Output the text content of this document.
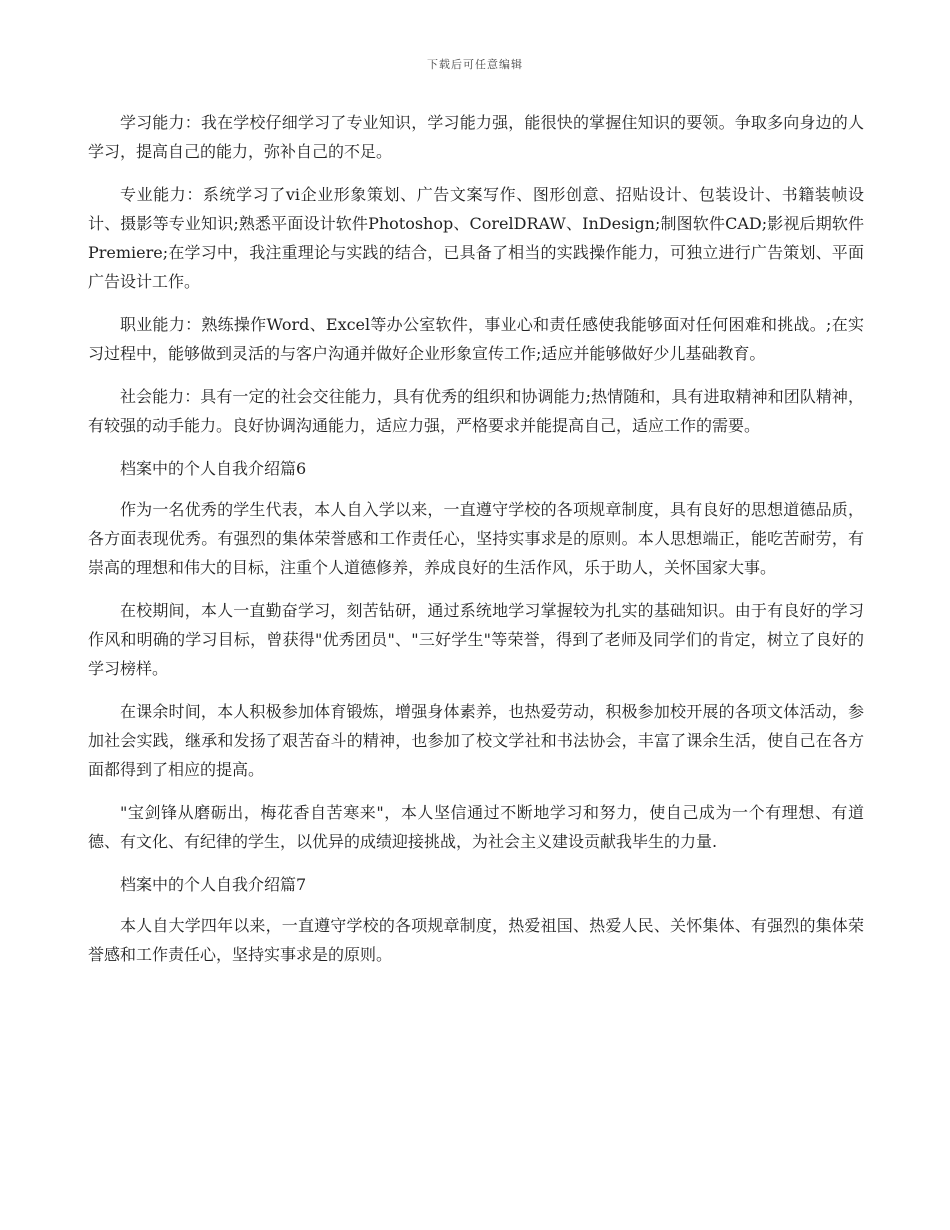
下载后可任意编辑

学习能力：我在学校仔细学习了专业知识，学习能力强，能很快的掌握住知识的要领。争取多向身边的人学习，提高自己的能力，弥补自己的不足。

专业能力：系统学习了vi企业形象策划、广告文案写作、图形创意、招贴设计、包装设计、书籍装帧设计、摄影等专业知识;熟悉平面设计软件Photoshop、CorelDRAW、InDesign;制图软件CAD;影视后期软件Premiere;在学习中，我注重理论与实践的结合，已具备了相当的实践操作能力，可独立进行广告策划、平面广告设计工作。

职业能力：熟练操作Word、Excel等办公室软件，事业心和责任感使我能够面对任何困难和挑战。;在实习过程中，能够做到灵活的与客户沟通并做好企业形象宣传工作;适应并能够做好少儿基础教育。

社会能力：具有一定的社会交往能力，具有优秀的组织和协调能力;热情随和，具有进取精神和团队精神，有较强的动手能力。良好协调沟通能力，适应力强，严格要求并能提高自己，适应工作的需要。

档案中的个人自我介绍篇6

作为一名优秀的学生代表，本人自入学以来，一直遵守学校的各项规章制度，具有良好的思想道德品质，各方面表现优秀。有强烈的集体荣誉感和工作责任心，坚持实事求是的原则。本人思想端正，能吃苦耐劳，有崇高的理想和伟大的目标，注重个人道德修养，养成良好的生活作风，乐于助人，关怀国家大事。

在校期间，本人一直勤奋学习，刻苦钻研，通过系统地学习掌握较为扎实的基础知识。由于有良好的学习作风和明确的学习目标，曾获得"优秀团员"、"三好学生"等荣誉，得到了老师及同学们的肯定，树立了良好的学习榜样。

在课余时间，本人积极参加体育锻炼，增强身体素养，也热爱劳动，积极参加校开展的各项文体活动，参加社会实践，继承和发扬了艰苦奋斗的精神，也参加了校文学社和书法协会，丰富了课余生活，使自己在各方面都得到了相应的提高。

"宝剑锋从磨砺出，梅花香自苦寒来"，本人坚信通过不断地学习和努力，使自己成为一个有理想、有道德、有文化、有纪律的学生，以优异的成绩迎接挑战，为社会主义建设贡献我毕生的力量.

档案中的个人自我介绍篇7

本人自大学四年以来，一直遵守学校的各项规章制度，热爱祖国、热爱人民、关怀集体、有强烈的集体荣誉感和工作责任心，坚持实事求是的原则。
